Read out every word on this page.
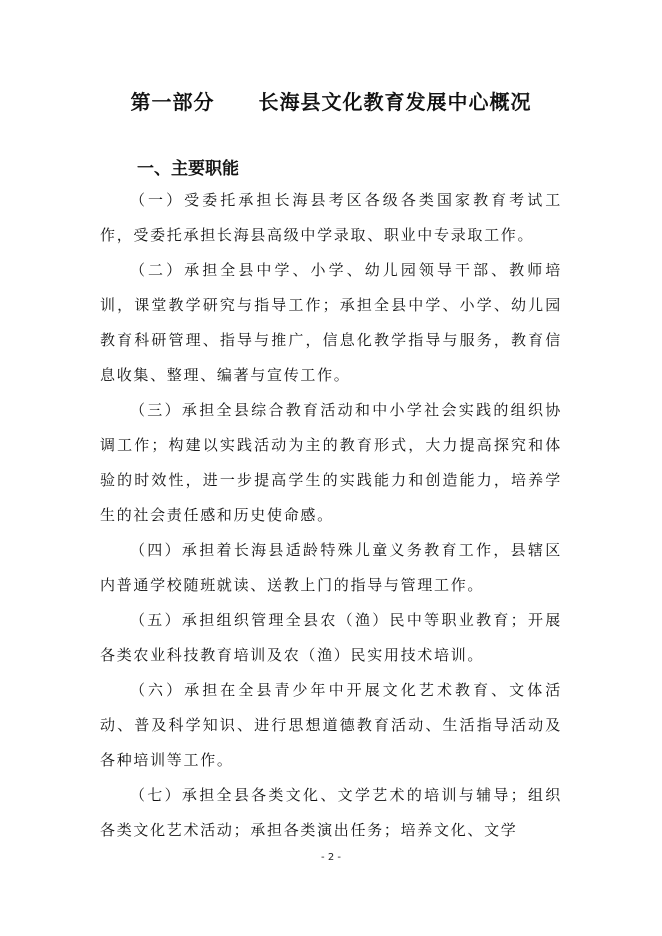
第一部分 长海县文化教育发展中心概况
一、主要职能

（一）受委托承担长海县考区各级各类国家教育考试工作，受委托承担长海县高级中学录取、职业中专录取工作。

（二）承担全县中学、小学、幼儿园领导干部、教师培训，课堂教学研究与指导工作；承担全县中学、小学、幼儿园教育科研管理、指导与推广，信息化教学指导与服务，教育信息收集、整理、编著与宣传工作。

（三）承担全县综合教育活动和中小学社会实践的组织协调工作；构建以实践活动为主的教育形式，大力提高探究和体验的时效性，进一步提高学生的实践能力和创造能力，培养学生的社会责任感和历史使命感。

（四）承担着长海县适龄特殊儿童义务教育工作，县辖区内普通学校随班就读、送教上门的指导与管理工作。

（五）承担组织管理全县农（渔）民中等职业教育；开展各类农业科技教育培训及农（渔）民实用技术培训。

（六）承担在全县青少年中开展文化艺术教育、文体活动、普及科学知识、进行思想道德教育活动、生活指导活动及各种培训等工作。

（七）承担全县各类文化、文学艺术的培训与辅导；组织各类文化艺术活动；承担各类演出任务；培养文化、文学

- 2 -
